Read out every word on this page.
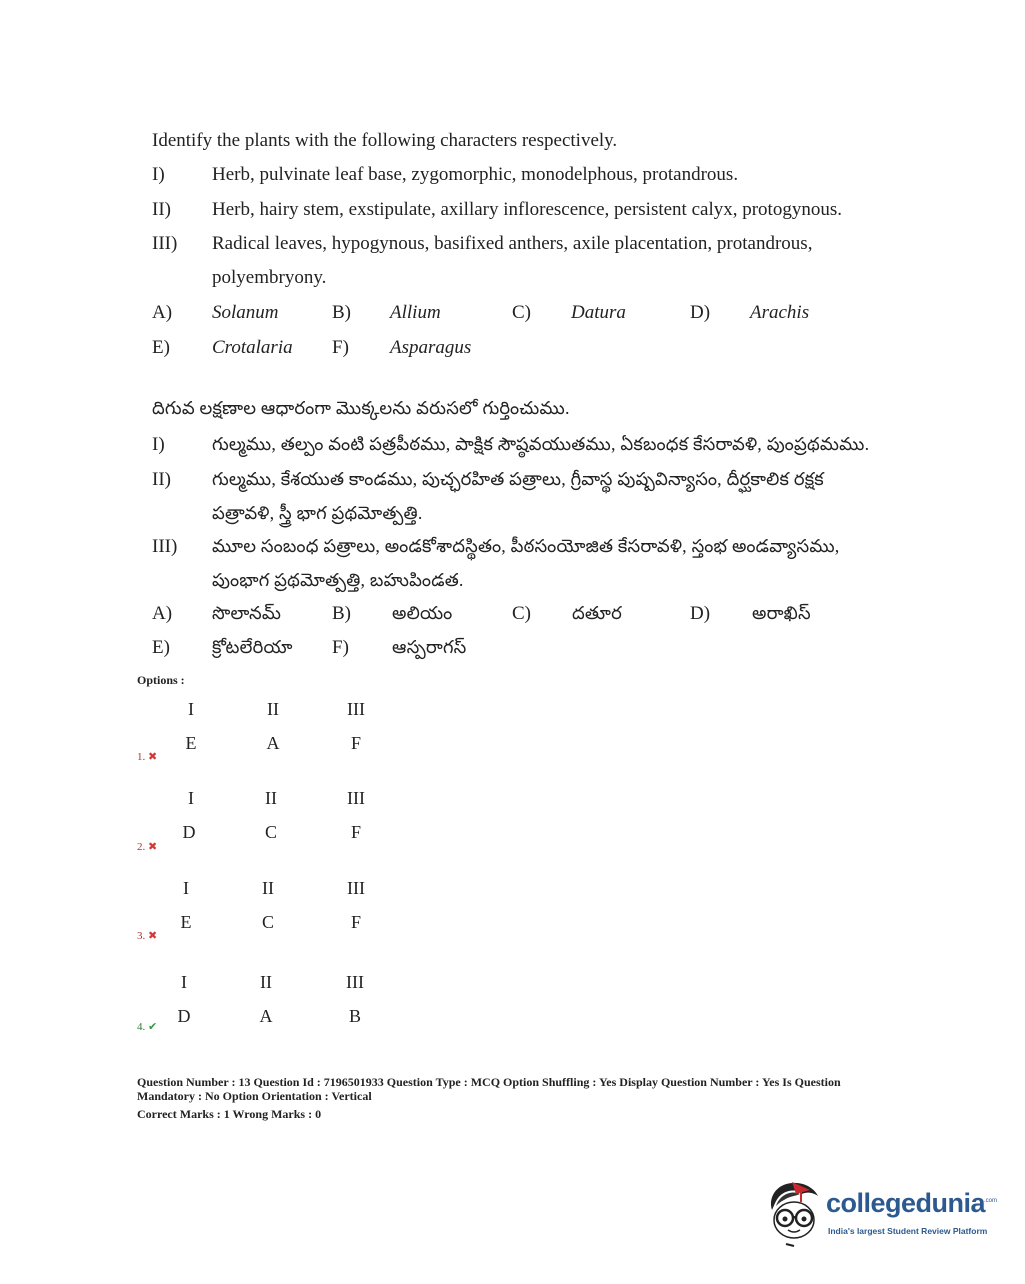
Identify the plants with the following characters respectively.
I) Herb, pulvinate leaf base, zygomorphic, monodelphous, protandrous.
II) Herb, hairy stem, exstipulate, axillary inflorescence, persistent calyx, protogynous.
III) Radical leaves, hypogynous, basifixed anthers, axile placentation, protandrous,
polyembryony.
A) Solanum	B) Allium	C) Datura	D) Arachis
E) Crotalaria F) Asparagus
దిగువ లక్షణాల ఆధారంగా మొక్కలను వరుసలో గుర్తించుము.
I)	గుల్మము, తల్పం వంటి పత్రపీఠము, పాక్షిక సౌష్ఠవయుతము, ఏకబంధక కేసరావళి, పుంప్రథమము.
II) గుల్మము, కేశయుత కాండము, పుచ్ఛరహిత పత్రాలు, గ్రీవాస్థ పుష్పవిన్యాసం, దీర్ఘకాలిక రక్షక
పత్రావళి, స్త్రీ భాగ ప్రథమోత్పత్తి.
III) మూల సంబంధ పత్రాలు, అండకోశాదస్థితం, పీఠసంయోజిత కేసరావళి, స్తంభ అండవ్యాసము,
పుంభాగ ప్రథమోత్పత్తి, బహుపిండత.
A) సొలానమ్	B) అలియం	C) దతూర	D) అరాఖిస్
E) క్రోటలేరియా F) ఆస్పరాగస్
Options :
I	II	III
E	A	F
1. ✖
I	II	III
D	C	F
2. ✖
I	II	III
E	C	F
3. ✖
I	II	III
D	A	B
4. ✔
Question Number : 13 Question Id : 7196501933 Question Type : MCQ Option Shuffling : Yes Display Question Number : Yes Is Question
Mandatory : No Option Orientation : Vertical
Correct Marks : 1 Wrong Marks : 0
collegedunia
.com
India's largest Student Review Platform
